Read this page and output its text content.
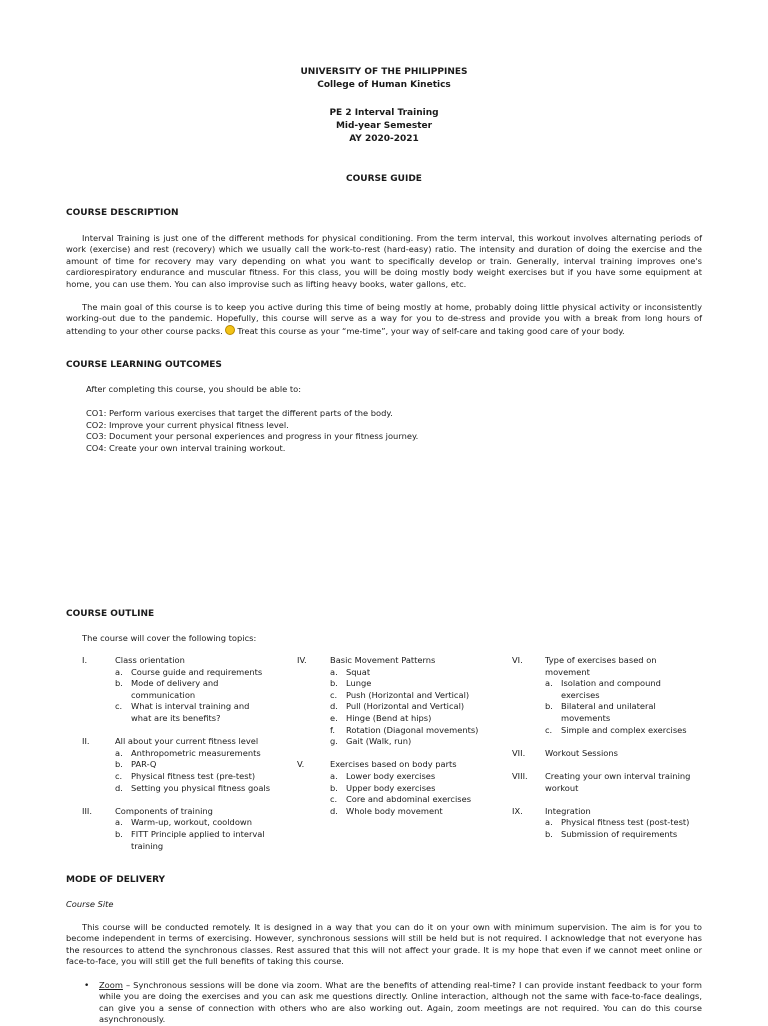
UNIVERSITY OF THE PHILIPPINES
College of Human Kinetics
PE 2 Interval Training
Mid-year Semester
AY 2020-2021
COURSE GUIDE
COURSE DESCRIPTION

Interval Training is just one of the different methods for physical conditioning. From the term interval, this workout involves alternating periods of work (exercise) and rest (recovery) which we usually call the work-to-rest (hard-easy) ratio. The intensity and duration of doing the exercise and the amount of time for recovery may vary depending on what you want to specifically develop or train. Generally, interval training improves one's cardiorespiratory endurance and muscular fitness. For this class, you will be doing mostly body weight exercises but if you have some equipment at home, you can use them. You can also improvise such as lifting heavy books, water gallons, etc.

The main goal of this course is to keep you active during this time of being mostly at home, probably doing little physical activity or inconsistently working-out due to the pandemic. Hopefully, this course will serve as a way for you to de-stress and provide you with a break from long hours of attending to your other course packs. Treat this course as your “me-time”, your way of self-care and taking good care of your body.

COURSE LEARNING OUTCOMES
After completing this course, you should be able to:
CO1: Perform various exercises that target the different parts of the body.
CO2: Improve your current physical fitness level.
CO3: Document your personal experiences and progress in your fitness journey.
CO4: Create your own interval training workout.
COURSE OUTLINE
The course will cover the following topics:
I.	Class orientation
a. Course guide and requirements
b. Mode of delivery and
communication
c. What is interval training and
what are its benefits?
II.	All about your current fitness level
a. Anthropometric measurements
b. PAR-Q
c. Physical fitness test (pre-test)
d. Setting you physical fitness goals
III.	Components of training
a. Warm-up, workout, cooldown
b. FITT Principle applied to interval
training
IV.	Basic Movement Patterns
a. Squat
b. Lunge
c. Push (Horizontal and Vertical)
d. Pull (Horizontal and Vertical)
e. Hinge (Bend at hips)
f. Rotation (Diagonal movements)
g. Gait (Walk, run)
V.	Exercises based on body parts
a. Lower body exercises
b. Upper body exercises
c. Core and abdominal exercises
d. Whole body movement
VI.	Type of exercises based on
movement
a. Isolation and compound
exercises
b. Bilateral and unilateral
movements
c. Simple and complex exercises
VII. Workout Sessions
VIII. Creating your own interval training
workout
IX.	Integration
a. Physical fitness test (post-test)
b. Submission of requirements
MODE OF DELIVERY
Course Site

This course will be conducted remotely. It is designed in a way that you can do it on your own with minimum supervision. The aim is for you to become independent in terms of exercising. However, synchronous sessions will still be held but is not required. I acknowledge that not everyone has the resources to attend the synchronous classes. Rest assured that this will not affect your grade. It is my hope that even if we cannot meet online or face-to-face, you will still get the full benefits of taking this course.

• Zoom – Synchronous sessions will be done via zoom. What are the benefits of attending real-time? I can provide instant feedback to your form while you are doing the exercises and you can ask me questions directly. Online interaction, although not the same with face-to-face dealings, can give you a sense of connection with others who are also working out. Again, zoom meetings are not required. You can do this course asynchronously.
